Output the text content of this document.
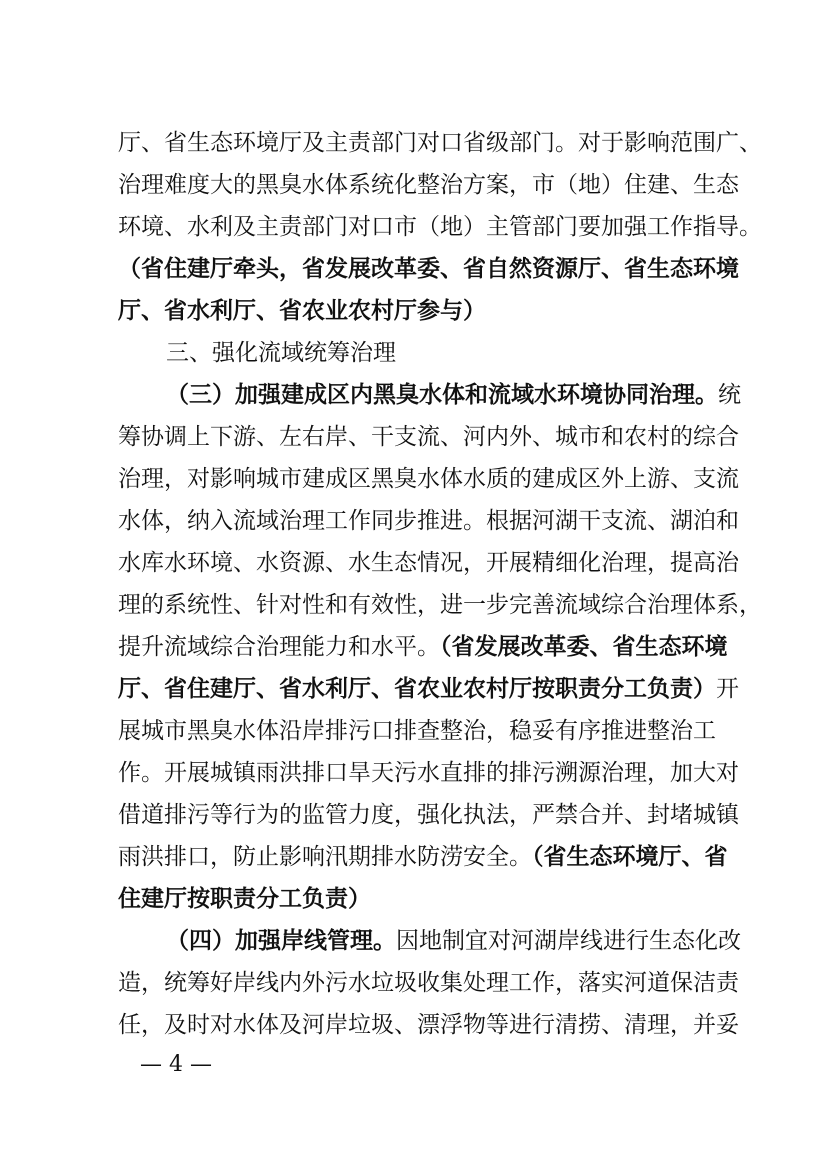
厅、省生态环境厅及主责部门对口省级部门。对于影响范围广、
治理难度大的黑臭水体系统化整治方案，市（地）住建、生态
环境、水利及主责部门对口市（地）主管部门要加强工作指导。
（省住建厅牵头，省发展改革委、省自然资源厅、省生态环境
厅、省水利厅、省农业农村厅参与）
三、强化流域统筹治理
（三）加强建成区内黑臭水体和流域水环境协同治理。统
筹协调上下游、左右岸、干支流、河内外、城市和农村的综合
治理，对影响城市建成区黑臭水体水质的建成区外上游、支流
水体，纳入流域治理工作同步推进。根据河湖干支流、湖泊和
水库水环境、水资源、水生态情况，开展精细化治理，提高治
理的系统性、针对性和有效性，进一步完善流域综合治理体系，
提升流域综合治理能力和水平。（省发展改革委、省生态环境
厅、省住建厅、省水利厅、省农业农村厅按职责分工负责）开
展城市黑臭水体沿岸排污口排查整治，稳妥有序推进整治工
作。开展城镇雨洪排口旱天污水直排的排污溯源治理，加大对
借道排污等行为的监管力度，强化执法，严禁合并、封堵城镇
雨洪排口，防止影响汛期排水防涝安全。（省生态环境厅、省
住建厅按职责分工负责）
（四）加强岸线管理。因地制宜对河湖岸线进行生态化改
造，统筹好岸线内外污水垃圾收集处理工作，落实河道保洁责
任，及时对水体及河岸垃圾、漂浮物等进行清捞、清理，并妥
— 4 —
